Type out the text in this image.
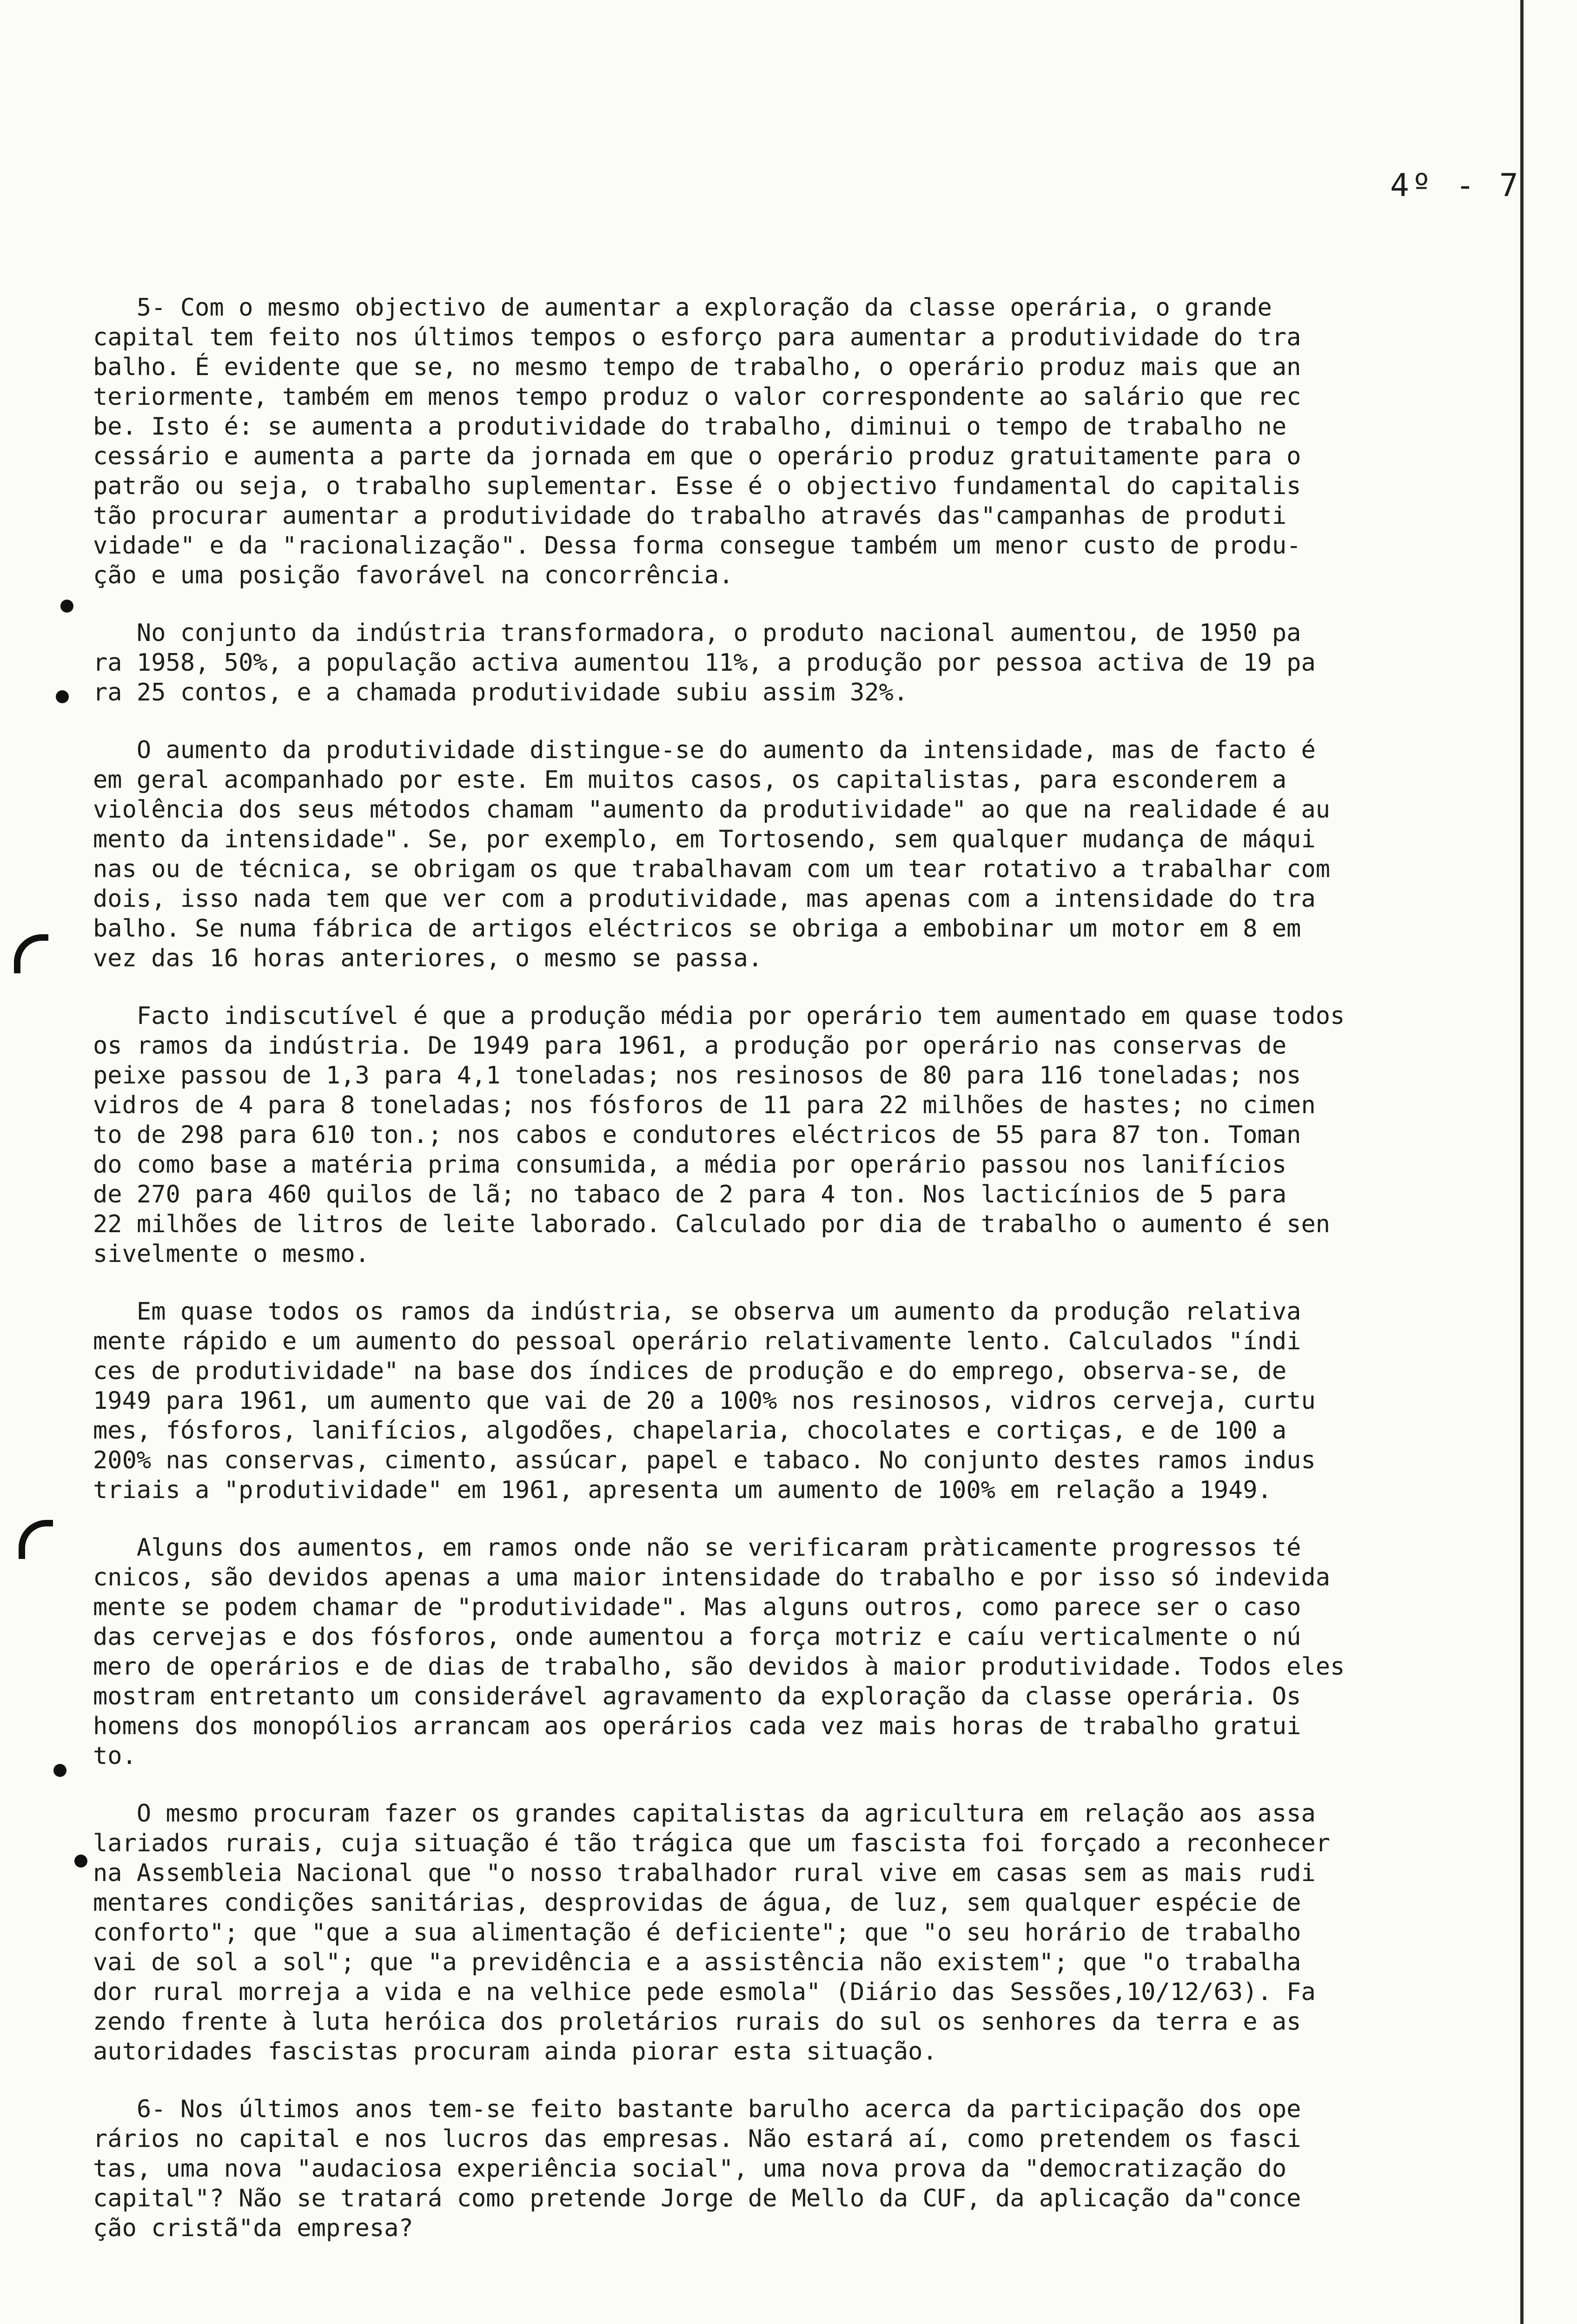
4º - 7
5- Com o mesmo objectivo de aumentar a exploração da classe operária, o grande
capital tem feito nos últimos tempos o esforço para aumentar a produtividade do tra
balho. É evidente que se, no mesmo tempo de trabalho, o operário produz mais que an
teriormente, também em menos tempo produz o valor correspondente ao salário que rec
be. Isto é: se aumenta a produtividade do trabalho, diminui o tempo de trabalho ne
cessário e aumenta a parte da jornada em que o operário produz gratuitamente para o
patrão ou seja, o trabalho suplementar. Esse é o objectivo fundamental do capitalis
tão procurar aumentar a produtividade do trabalho através das"campanhas de produti
vidade" e da "racionalização". Dessa forma consegue também um menor custo de produ-
ção e uma posição favorável na concorrência.
No conjunto da indústria transformadora, o produto nacional aumentou, de 1950 pa
ra 1958, 50%, a população activa aumentou 11%, a produção por pessoa activa de 19 pa
ra 25 contos, e a chamada produtividade subiu assim 32%.
O aumento da produtividade distingue-se do aumento da intensidade, mas de facto é
em geral acompanhado por este. Em muitos casos, os capitalistas, para esconderem a
violência dos seus métodos chamam "aumento da produtividade" ao que na realidade é au
mento da intensidade". Se, por exemplo, em Tortosendo, sem qualquer mudança de máqui
nas ou de técnica, se obrigam os que trabalhavam com um tear rotativo a trabalhar com
dois, isso nada tem que ver com a produtividade, mas apenas com a intensidade do tra
balho. Se numa fábrica de artigos eléctricos se obriga a embobinar um motor em 8 em
vez das 16 horas anteriores, o mesmo se passa.
Facto indiscutível é que a produção média por operário tem aumentado em quase todos
os ramos da indústria. De 1949 para 1961, a produção por operário nas conservas de
peixe passou de 1,3 para 4,1 toneladas; nos resinosos de 80 para 116 toneladas; nos
vidros de 4 para 8 toneladas; nos fósforos de 11 para 22 milhões de hastes; no cimen
to de 298 para 610 ton.; nos cabos e condutores eléctricos de 55 para 87 ton. Toman
do como base a matéria prima consumida, a média por operário passou nos lanifícios
de 270 para 460 quilos de lã; no tabaco de 2 para 4 ton. Nos lacticínios de 5 para
22 milhões de litros de leite laborado. Calculado por dia de trabalho o aumento é sen
sivelmente o mesmo.
Em quase todos os ramos da indústria, se observa um aumento da produção relativa
mente rápido e um aumento do pessoal operário relativamente lento. Calculados "índi
ces de produtividade" na base dos índices de produção e do emprego, observa-se, de
1949 para 1961, um aumento que vai de 20 a 100% nos resinosos, vidros cerveja, curtu
mes, fósforos, lanifícios, algodões, chapelaria, chocolates e cortiças, e de 100 a
200% nas conservas, cimento, assúcar, papel e tabaco. No conjunto destes ramos indus
triais a "produtividade" em 1961, apresenta um aumento de 100% em relação a 1949.
Alguns dos aumentos, em ramos onde não se verificaram pràticamente progressos té
cnicos, são devidos apenas a uma maior intensidade do trabalho e por isso só indevida
mente se podem chamar de "produtividade". Mas alguns outros, como parece ser o caso
das cervejas e dos fósforos, onde aumentou a força motriz e caíu verticalmente o nú
mero de operários e de dias de trabalho, são devidos à maior produtividade. Todos eles
mostram entretanto um considerável agravamento da exploração da classe operária. Os
homens dos monopólios arrancam aos operários cada vez mais horas de trabalho gratui
to.
O mesmo procuram fazer os grandes capitalistas da agricultura em relação aos assa
lariados rurais, cuja situação é tão trágica que um fascista foi forçado a reconhecer
na Assembleia Nacional que "o nosso trabalhador rural vive em casas sem as mais rudi
mentares condições sanitárias, desprovidas de água, de luz, sem qualquer espécie de
conforto"; que "que a sua alimentação é deficiente"; que "o seu horário de trabalho
vai de sol a sol"; que "a previdência e a assistência não existem"; que "o trabalha
dor rural morreja a vida e na velhice pede esmola" (Diário das Sessões,10/12/63). Fa
zendo frente à luta heróica dos proletários rurais do sul os senhores da terra e as
autoridades fascistas procuram ainda piorar esta situação.
6- Nos últimos anos tem-se feito bastante barulho acerca da participação dos ope
rários no capital e nos lucros das empresas. Não estará aí, como pretendem os fasci
tas, uma nova "audaciosa experiência social", uma nova prova da "democratização do
capital"? Não se tratará como pretende Jorge de Mello da CUF, da aplicação da"conce
ção cristã"da empresa?
